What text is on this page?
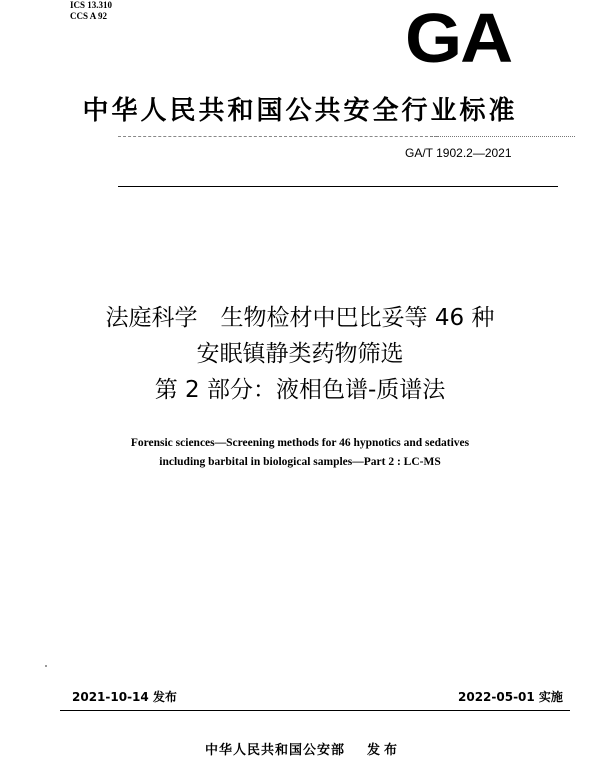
ICS 13.310
CCS A 92	GA
中华人民共和国公共安全行业标准
GA/T 1902.2—2021
法庭科学　生物检材中巴比妥等 46 种
安眠镇静类药物筛选
第 2 部分：液相色谱-质谱法
Forensic sciences—Screening methods for 46 hypnotics and sedatives
including barbital in biological samples—Part 2 : LC-MS
2021-10-14 发布	2022-05-01 实施
中华人民共和国公安部 发布
